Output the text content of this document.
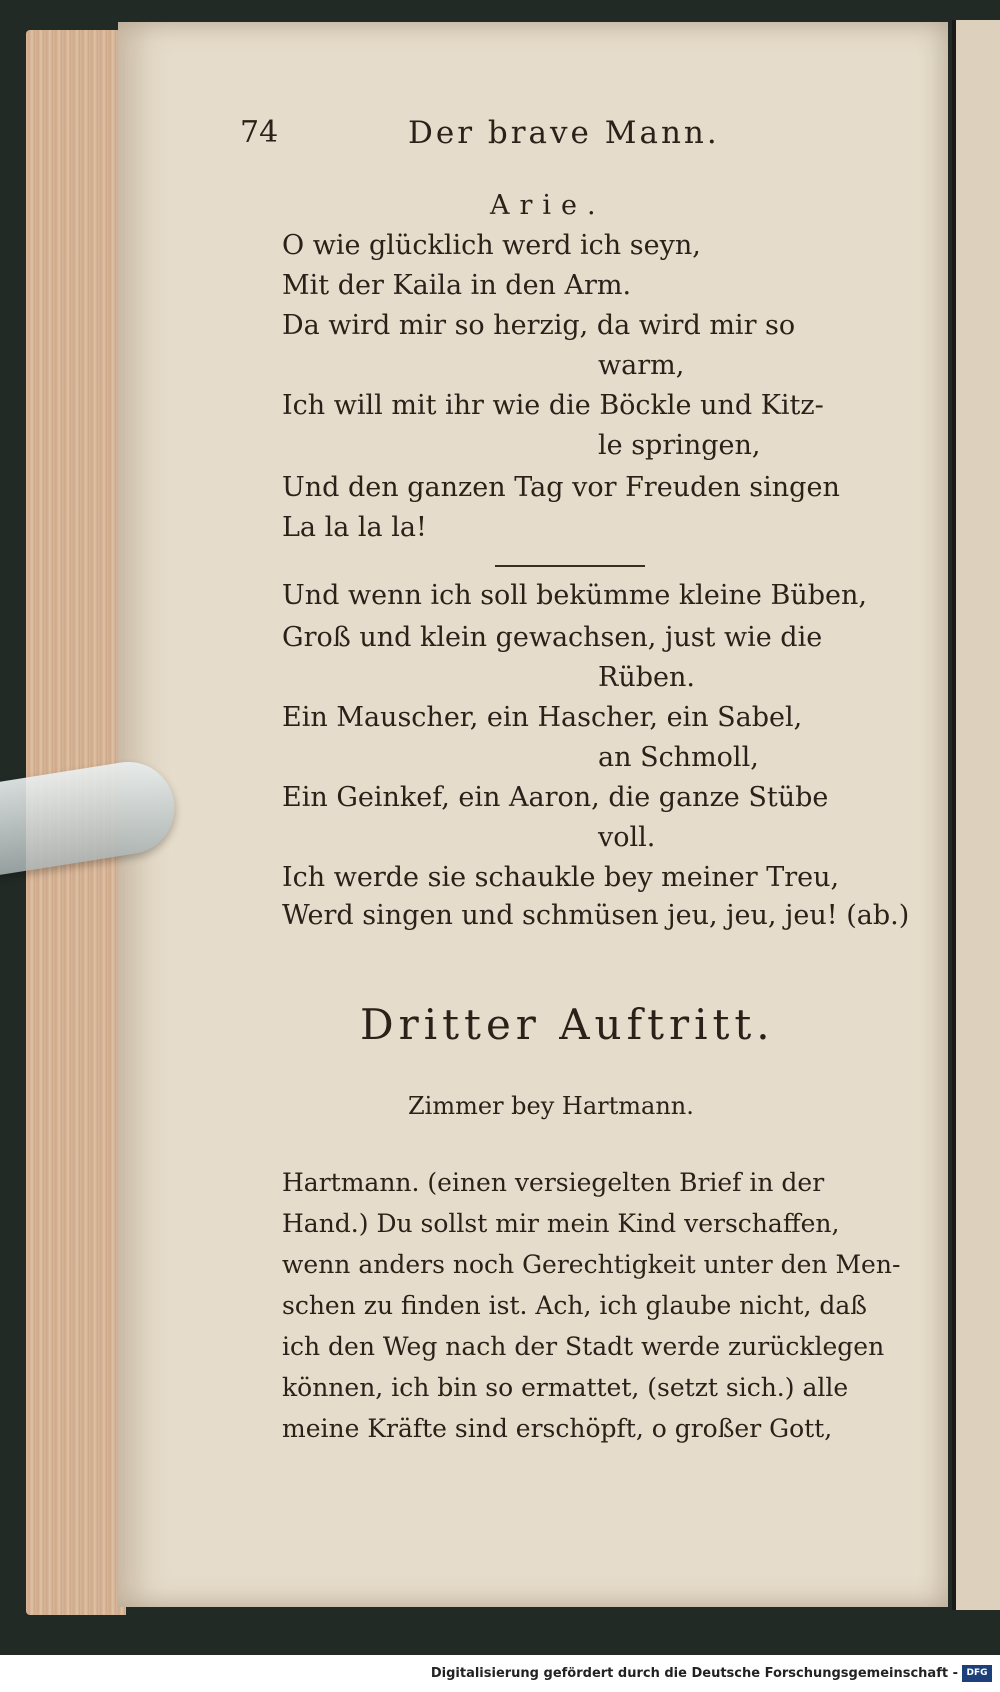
74	Der brave Mann.
Arie.
O wie glücklich werd ich seyn,
Mit der Kaila in den Arm.
Da wird mir so herzig, da wird mir so
warm,
Ich will mit ihr wie die Böckle und Kitz-
le springen,
Und den ganzen Tag vor Freuden singen
La la la la!
Und wenn ich soll bekümme kleine Büben,
Groß und klein gewachsen, just wie die
Rüben.
Ein Mauscher, ein Hascher, ein Sabel,
an Schmoll,
Ein Geinkef, ein Aaron, die ganze Stübe
voll.
Ich werde sie schaukle bey meiner Treu,
Werd singen und schmüsen jeu, jeu, jeu! (ab.)
Dritter Auftritt.
Zimmer bey Hartmann.
Hartmann. (einen versiegelten Brief in der
Hand.) Du sollst mir mein Kind verschaffen,
wenn anders noch Gerechtigkeit unter den Men-
schen zu finden ist. Ach, ich glaube nicht, daß
ich den Weg nach der Stadt werde zurücklegen
können, ich bin so ermattet, (setzt sich.) alle
meine Kräfte sind erschöpft, o großer Gott,
Digitalisierung gefördert durch die Deutsche Forschungsgemeinschaft - DFG
